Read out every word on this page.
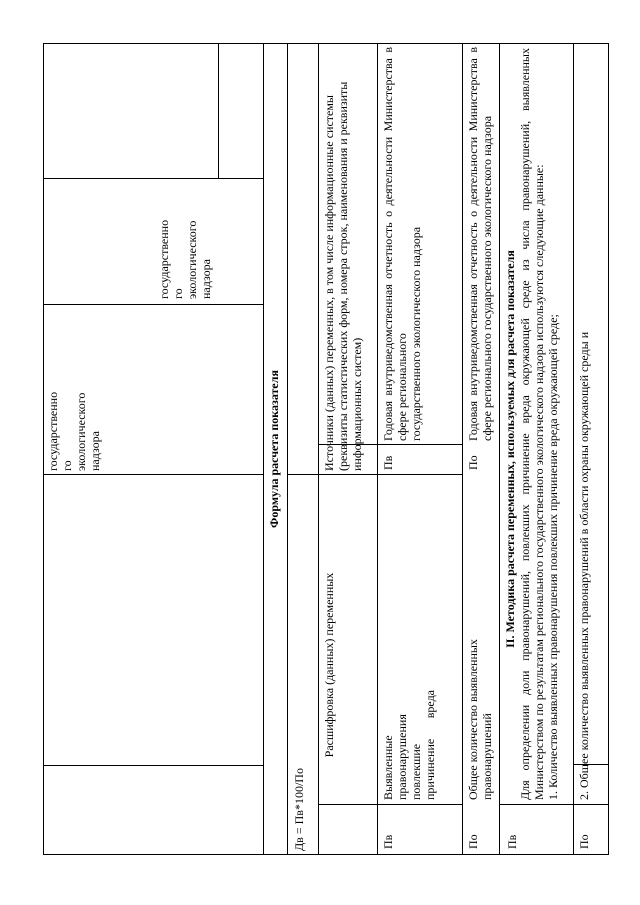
государственно
го
экологического
надзора
государственно
го
экологического
надзора
Формула расчета показателя
Дв = Пв*100/По
Расшифровка (данных) переменных
Источники (данных) переменных, в том числе информационные системы
(реквизиты статистических форм, номера строк, наименования и реквизиты
информационных систем)
Пв
Выявленные правонарушения повлекшие
причинение вреда
Пв
Годовая внутриведомственная отчетность о деятельности Министерства в сфере регионального
государственного экологического надзора
По
Общее количество выявленных правонарушений
По
Годовая внутриведомственная отчетность о деятельности Министерства в сфере регионального государственного экологического надзора II. Методика расчета переменных, используемых для расчета показателя
Пв	По
Для определении доли правонарушений, повлекших причинение вреда окружающей среде из числа правонарушений, выявленных Министерством по результатам регионального государственного экологического надзора используются следующие данные:
1. Количество выявленных правонарушения повлекших причинение вреда окружающей среде;
2. Общее количество выявленных правонарушений в области охраны окружающей среды и
